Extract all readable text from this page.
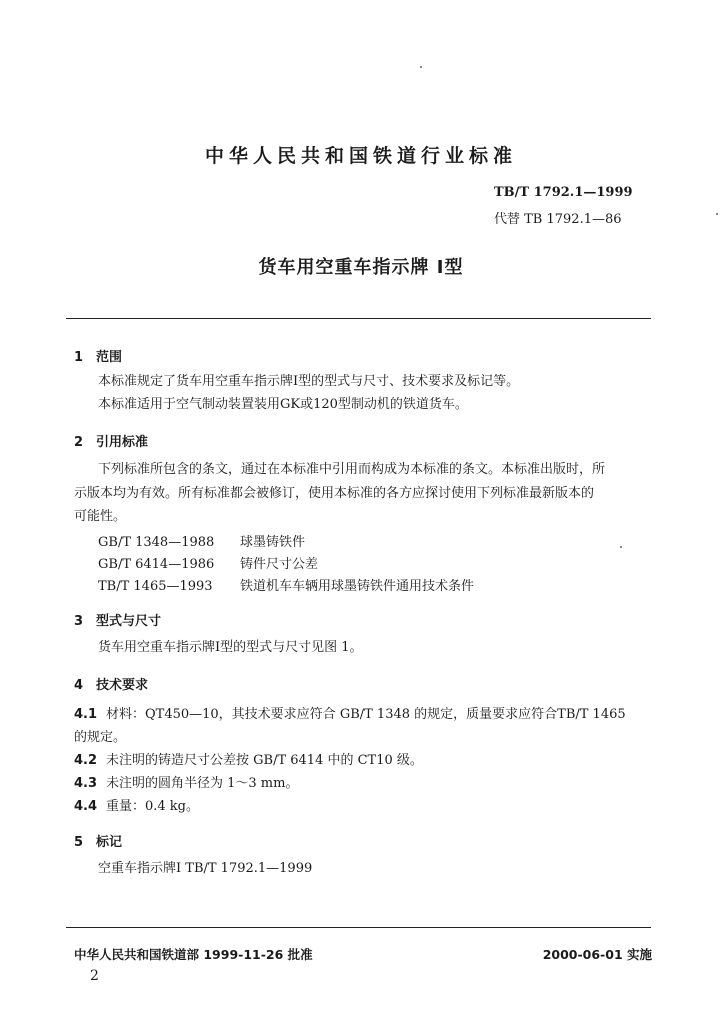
中华人民共和国铁道行业标准
TB/T 1792.1—1999
代替 TB 1792.1—86
货车用空重车指示牌 Ⅰ型
1 范围
本标准规定了货车用空重车指示牌Ⅰ型的型式与尺寸、技术要求及标记等。
本标准适用于空气制动装置装用GK或120型制动机的铁道货车。
2 引用标准
下列标准所包含的条文，通过在本标准中引用而构成为本标准的条文。本标准出版时，所
示版本均为有效。所有标准都会被修订，使用本标准的各方应探讨使用下列标准最新版本的
可能性。
GB/T 1348—1988 球墨铸铁件
GB/T 6414—1986 铸件尺寸公差
TB/T 1465—1993 铁道机车车辆用球墨铸铁件通用技术条件
3 型式与尺寸
货车用空重车指示牌Ⅰ型的型式与尺寸见图 1。
4 技术要求
4.1 材料：QT450—10，其技术要求应符合 GB/T 1348 的规定，质量要求应符合TB/T 1465
的规定。
4.2 未注明的铸造尺寸公差按 GB/T 6414 中的 CT10 级。
4.3 未注明的圆角半径为 1～3 mm。
4.4 重量：0.4 kg。
5 标记
空重车指示牌Ⅰ TB/T 1792.1—1999
中华人民共和国铁道部 1999-11-26 批准	2000-06-01 实施
2
